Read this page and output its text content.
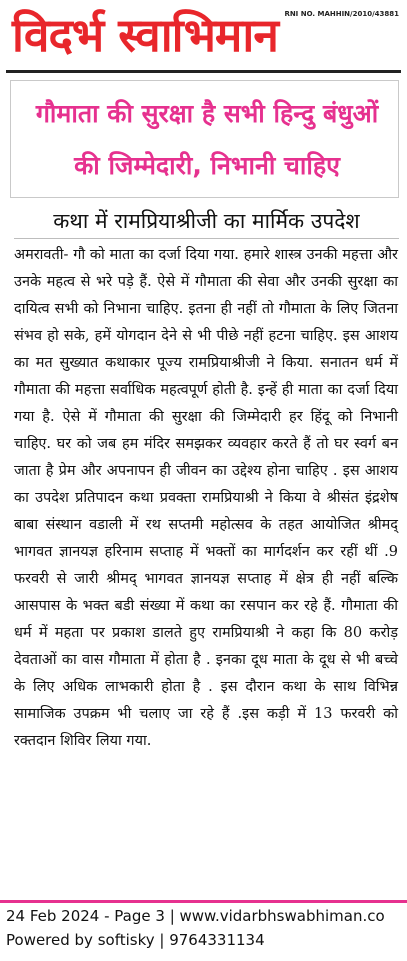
विदर्भ स्वाभिमान RNI NO. MAHHIN/2010/43881
गौमाता की सुरक्षा है सभी हिन्दु बंधुओं की जिम्मेदारी, निभानी चाहिए
कथा में रामप्रियाश्रीजी का मार्मिक उपदेश

अमरावती- गौ को माता का दर्जा दिया गया. हमारे शास्त्र उनकी महत्ता और उनके महत्व से भरे पड़े हैं. ऐसे में गौमाता की सेवा और उनकी सुरक्षा का दायित्व सभी को निभाना चाहिए. इतना ही नहीं तो गौमाता के लिए जितना संभव हो सके, हमें योगदान देने से भी पीछे नहीं हटना चाहिए. इस आशय का मत सुख्यात कथाकार पूज्य रामप्रियाश्रीजी ने किया. सनातन धर्म में गौमाता की महत्ता सर्वाधिक महत्वपूर्ण होती है. इन्हें ही माता का दर्जा दिया गया है. ऐसे में गौमाता की सुरक्षा की जिम्मेदारी हर हिंदू को निभानी चाहिए. घर को जब हम मंदिर समझकर व्यवहार करते हैं तो घर स्वर्ग बन जाता है प्रेम और अपनापन ही जीवन का उद्देश्य होना चाहिए . इस आशय का उपदेश प्रतिपादन कथा प्रवक्ता रामप्रियाश्री ने किया वे श्रीसंत इंद्रशेष बाबा संस्थान वडाली में रथ सप्तमी महोत्सव के तहत आयोजित श्रीमद् भागवत ज्ञानयज्ञ हरिनाम सप्ताह में भक्तों का मार्गदर्शन कर रहीं थीं .9 फरवरी से जारी श्रीमद् भागवत ज्ञानयज्ञ सप्ताह में क्षेत्र ही नहीं बल्कि आसपास के भक्त बडी संख्या में कथा का रसपान कर रहे हैं. गौमाता की धर्म में महता पर प्रकाश डालते हुए रामप्रियाश्री ने कहा कि 80 करोड़ देवताओं का वास गौमाता में होता है . इनका दूध माता के दूध से भी बच्चे के लिए अधिक लाभकारी होता है . इस दौरान कथा के साथ विभिन्न सामाजिक उपक्रम भी चलाए जा रहे हैं .इस कड़ी में 13 फरवरी को रक्तदान शिविर लिया गया.

24 Feb 2024 - Page 3 | www.vidarbhswabhiman.co
Powered by softisky | 9764331134
